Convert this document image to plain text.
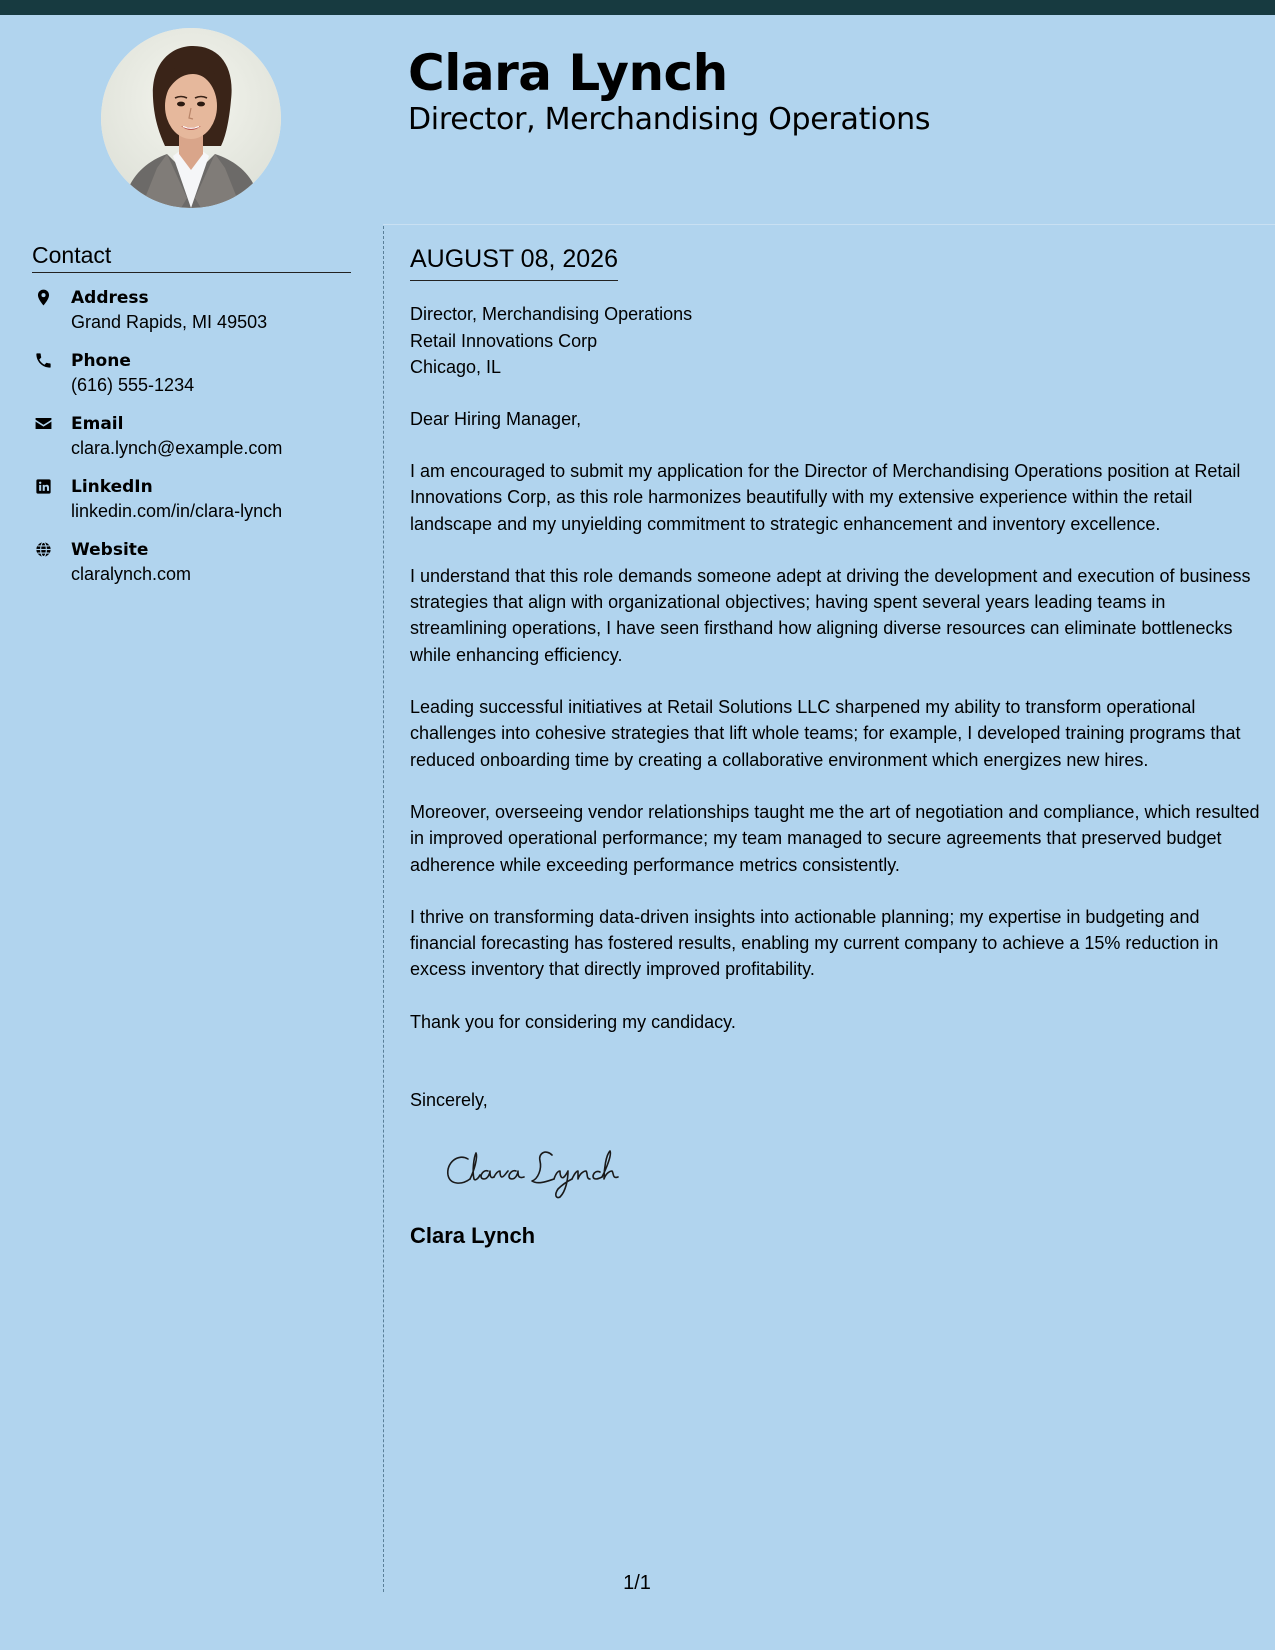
Clara Lynch
Director, Merchandising Operations
Contact
Address
Grand Rapids, MI 49503
Phone
(616) 555-1234
Email
clara.lynch@example.com
LinkedIn
linkedin.com/in/clara-lynch
Website
claralynch.com
AUGUST 08, 2026
Director, Merchandising Operations
Retail Innovations Corp
Chicago, IL
Dear Hiring Manager,
I am encouraged to submit my application for the Director of Merchandising Operations position at Retail Innovations Corp, as this role harmonizes beautifully with my extensive experience within the retail landscape and my unyielding commitment to strategic enhancement and inventory excellence.
I understand that this role demands someone adept at driving the development and execution of business strategies that align with organizational objectives; having spent several years leading teams in streamlining operations, I have seen firsthand how aligning diverse resources can eliminate bottlenecks while enhancing efficiency.
Leading successful initiatives at Retail Solutions LLC sharpened my ability to transform operational challenges into cohesive strategies that lift whole teams; for example, I developed training programs that reduced onboarding time by creating a collaborative environment which energizes new hires.
Moreover, overseeing vendor relationships taught me the art of negotiation and compliance, which resulted in improved operational performance; my team managed to secure agreements that preserved budget adherence while exceeding performance metrics consistently.
I thrive on transforming data-driven insights into actionable planning; my expertise in budgeting and financial forecasting has fostered results, enabling my current company to achieve a 15% reduction in excess inventory that directly improved profitability.
Thank you for considering my candidacy.
Sincerely,
Clara Lynch
1/1
